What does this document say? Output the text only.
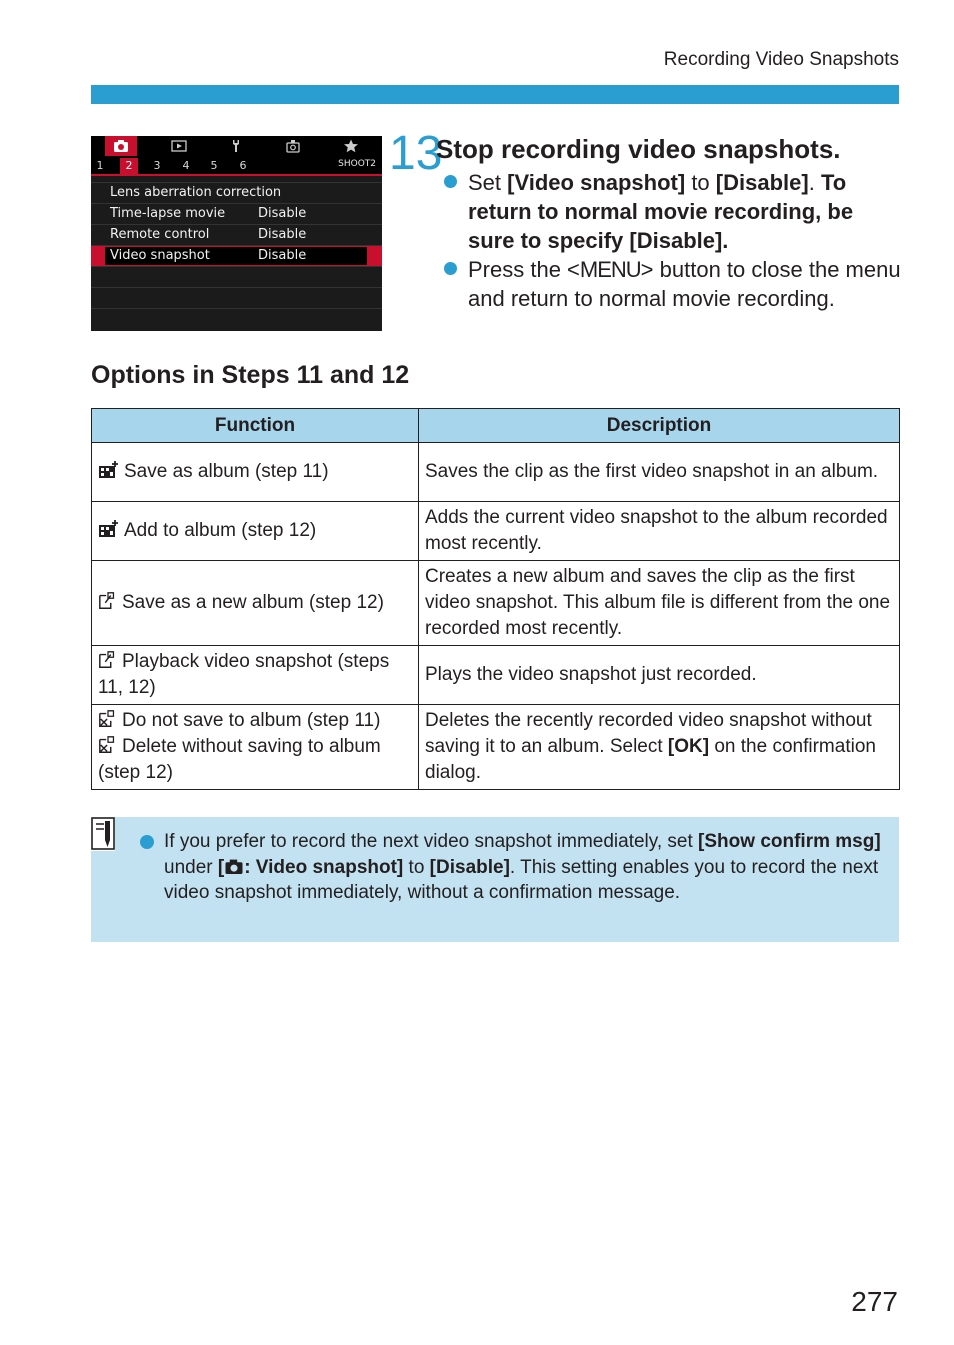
Recording Video Snapshots
1	2	3	4	5	6	SHOOT2
Lens aberration correction
Time-lapse movie	Disable
Remote control	Disable
Video snapshot	Disable
13
Stop recording video snapshots.
Set [Video snapshot] to [Disable]. To return to normal movie recording, be sure to specify [Disable].
Press the <MENU> button to close the menu and return to normal movie recording.
Options in Steps 11 and 12
Function	Description
Save as album (step 11)	Saves the clip as the first video snapshot in an album.
Add to album (step 12)	Adds the current video snapshot to the album recorded most recently.
Save as a new album (step 12)	Creates a new album and saves the clip as the first video snapshot. This album file is different from the one recorded most recently.
Playback video snapshot (steps 11, 12)	Plays the video snapshot just recorded.

Do not save to album (step 11)
Delete without saving to album (step 12)	Deletes the recently recorded video snapshot without saving it to an album. Select [OK] on the confirmation dialog.
If you prefer to record the next video snapshot immediately, set [Show confirm msg] under [ : Video snapshot] to [Disable]. This setting enables you to record the next video snapshot immediately, without a confirmation message.
277
